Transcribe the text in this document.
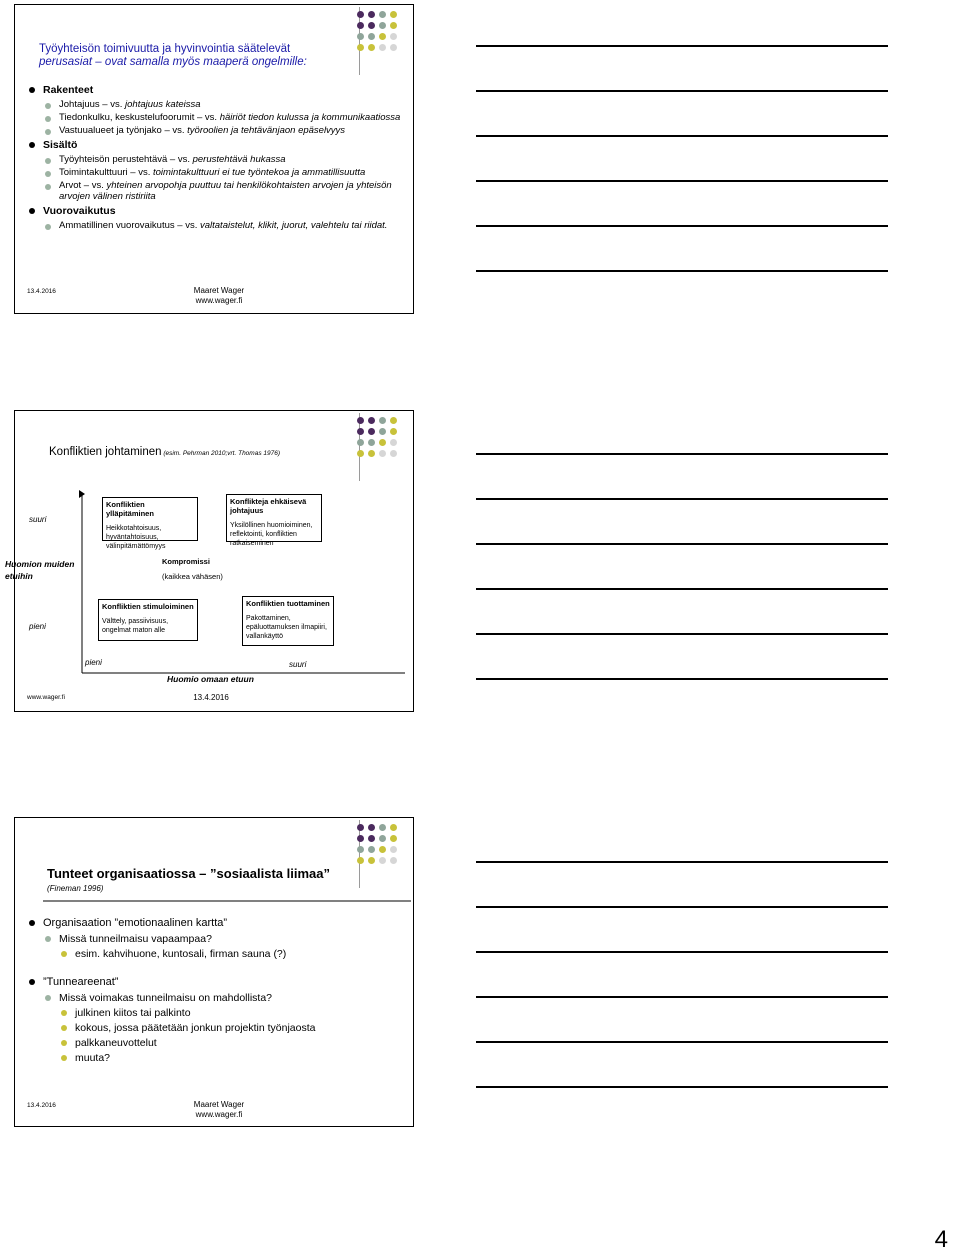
Työyhteisön toimivuutta ja hyvinvointia säätelevät
perusasiat – ovat samalla myös maaperä ongelmille:
Rakenteet
Johtajuus – vs. johtajuus kateissa
Tiedonkulku, keskustelufoorumit – vs. häiriöt tiedon kulussa ja kommunikaatiossa
Vastuualueet ja työnjako – vs. työroolien ja tehtävänjaon epäselvyys
Sisältö
Työyhteisön perustehtävä – vs. perustehtävä hukassa
Toimintakulttuuri – vs. toimintakulttuuri ei tue työntekoa ja ammatillisuutta
Arvot – vs. yhteinen arvopohja puuttuu tai henkilökohtaisten arvojen ja yhteisön arvojen välinen ristiriita
Vuorovaikutus
Ammatillinen vuorovaikutus – vs. valtataistelut, klikit, juorut, valehtelu tai riidat.
13.4.2016	Maaret Wager
www.wager.fi
Konfliktien johtaminen (esim. Pehrman 2010;vrt. Thomas 1976)
suuri
Huomion muiden etuihin
pieni
pieni	suuri
Huomio omaan etuun
Konfliktien ylläpitäminen
Heikkotahtoisuus, hyväntahtoisuus, välinpitämättömyys
Konflikteja ehkäisevä johtajuus
Yksilöllinen huomioiminen, reflektointi, konfliktien ratkaiseminen
Kompromissi
(kaikkea vähäsen)
Konfliktien stimuloiminen
Välttely, passiivisuus, ongelmat maton alle
Konfliktien tuottaminen
Pakottaminen, epäluottamuksen ilmapiiri, vallankäyttö
www.wager.fi	13.4.2016
Tunteet organisaatiossa – ”sosiaalista liimaa”
(Fineman 1996)
Organisaation ”emotionaalinen kartta”
Missä tunneilmaisu vapaampaa?
esim. kahvihuone, kuntosali, firman sauna (?)
”Tunneareenat”
Missä voimakas tunneilmaisu on mahdollista?
julkinen kiitos tai palkinto
kokous, jossa päätetään jonkun projektin työnjaosta
palkkaneuvottelut
muuta?
13.4.2016	Maaret Wager
www.wager.fi
4
